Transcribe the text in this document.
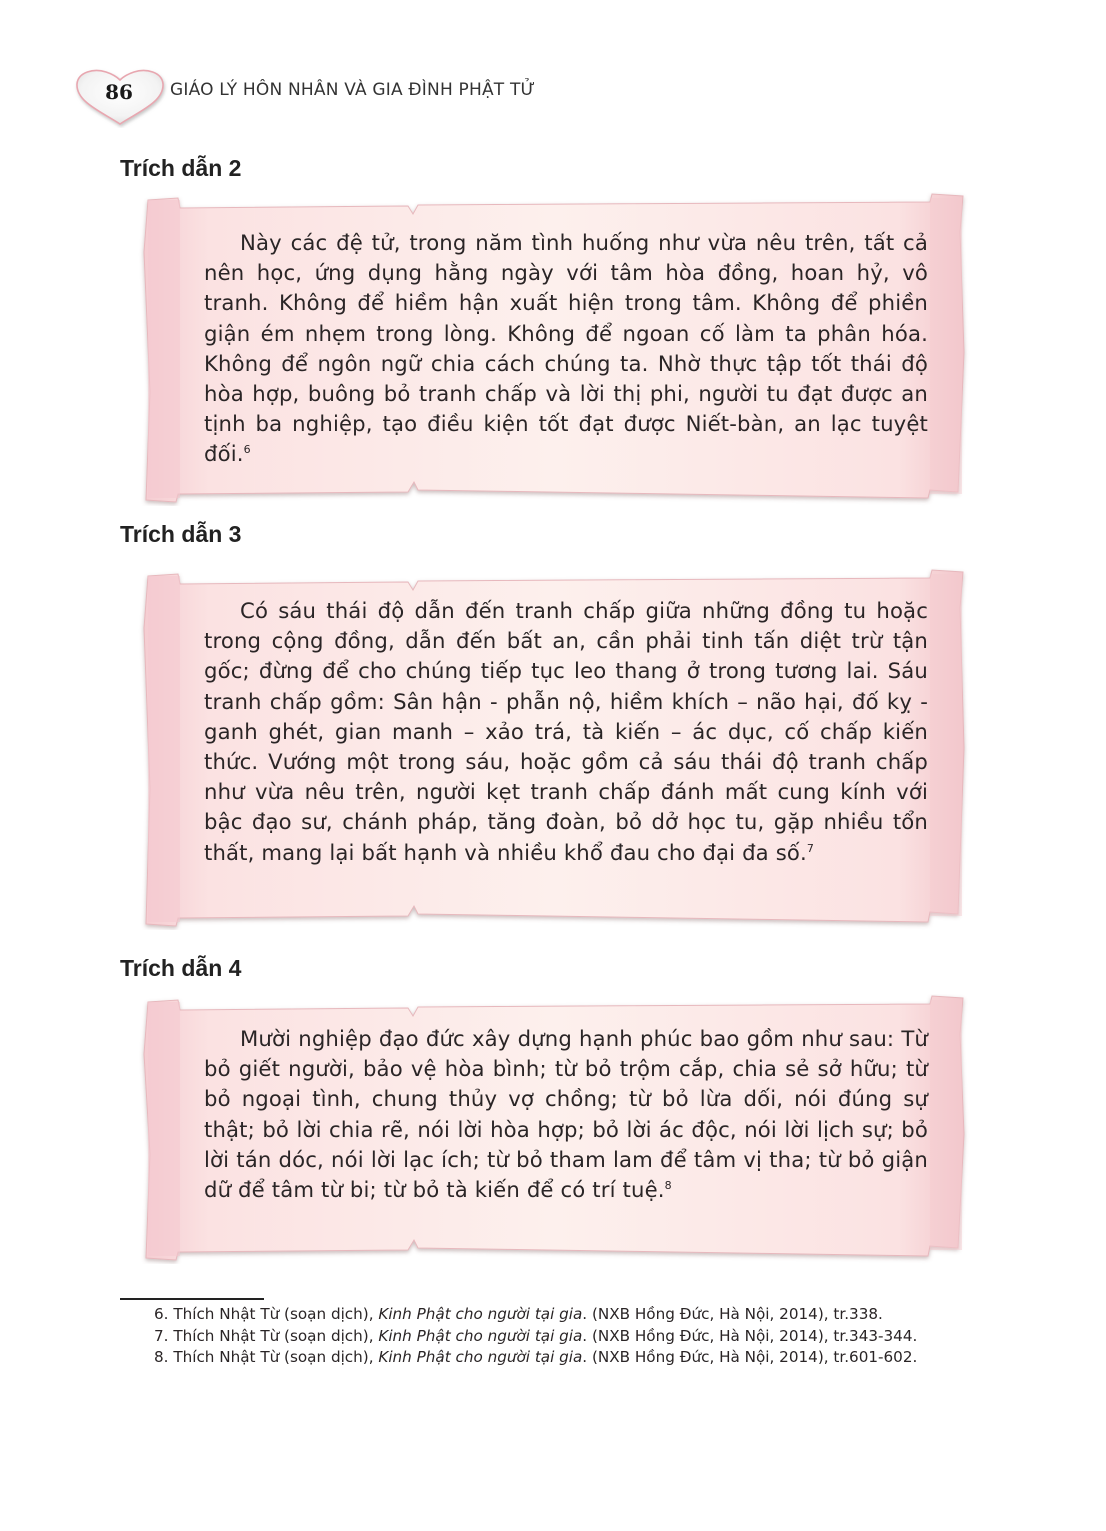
86	GIÁO LÝ HÔN NHÂN VÀ GIA ĐÌNH PHẬT TỬ
Trích dẫn 2

Này các đệ tử, trong năm tình huống như vừa nêu trên, tất cả nên học, ứng dụng hằng ngày với tâm hòa đồng, hoan hỷ, vô tranh. Không để hiềm hận xuất hiện trong tâm. Không để phiền giận ém nhẹm trong lòng. Không để ngoan cố làm ta phân hóa. Không để ngôn ngữ chia cách chúng ta. Nhờ thực tập tốt thái độ hòa hợp, buông bỏ tranh chấp và lời thị phi, người tu đạt được an tịnh ba nghiệp, tạo điều kiện tốt đạt được Niết-bàn, an lạc tuyệt đối.$^6$

Trích dẫn 3

Có sáu thái độ dẫn đến tranh chấp giữa những đồng tu hoặc trong cộng đồng, dẫn đến bất an, cần phải tinh tấn diệt trừ tận gốc; đừng để cho chúng tiếp tục leo thang ở trong tương lai. Sáu tranh chấp gồm: Sân hận - phẫn nộ, hiềm khích – não hại, đố kỵ - ganh ghét, gian manh – xảo trá, tà kiến – ác dục, cố chấp kiến thức. Vướng một trong sáu, hoặc gồm cả sáu thái độ tranh chấp như vừa nêu trên, người kẹt tranh chấp đánh mất cung kính với bậc đạo sư, chánh pháp, tăng đoàn, bỏ dở học tu, gặp nhiều tổn thất, mang lại bất hạnh và nhiều khổ đau cho đại đa số.$^7$

Trích dẫn 4

Mười nghiệp đạo đức xây dựng hạnh phúc bao gồm như sau: Từ bỏ giết người, bảo vệ hòa bình; từ bỏ trộm cắp, chia sẻ sở hữu; từ bỏ ngoại tình, chung thủy vợ chồng; từ bỏ lừa dối, nói đúng sự thật; bỏ lời chia rẽ, nói lời hòa hợp; bỏ lời ác độc, nói lời lịch sự; bỏ lời tán dóc, nói lời lạc ích; từ bỏ tham lam để tâm vị tha; từ bỏ giận dữ để tâm từ bi; từ bỏ tà kiến để có trí tuệ.$^8$

6. Thích Nhật Từ (soạn dịch), Kinh Phật cho người tại gia. (NXB Hồng Đức, Hà Nội, 2014), tr.338.

7. Thích Nhật Từ (soạn dịch), Kinh Phật cho người tại gia. (NXB Hồng Đức, Hà Nội, 2014), tr.343-344.

8. Thích Nhật Từ (soạn dịch), Kinh Phật cho người tại gia. (NXB Hồng Đức, Hà Nội, 2014), tr.601-602.
